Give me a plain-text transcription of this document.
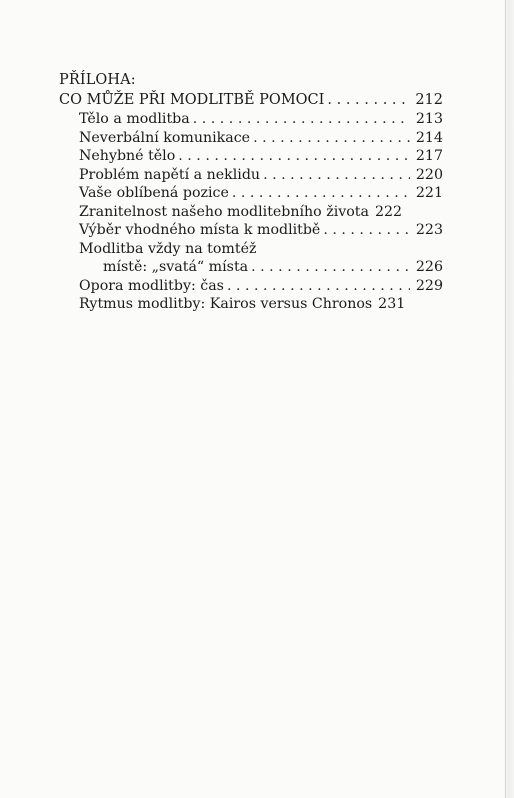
PŘÍLOHA:
CO MŮŽE PŘI MODLITBĚ POMOCI . . .	212
Tělo a modlitba . . .	213
Neverbální komunikace . . .	214
Nehybné tělo . . .	217
Problém napětí a neklidu . . .	220
Vaše oblíbená pozice . . .	221
Zranitelnost našeho modlitebního života 222
Výběr vhodného místa k modlitbě . . .	223
Modlitba vždy na tomtéž
místě: „svatá“ místa . . .	226
Opora modlitby: čas . . .	229
Rytmus modlitby: Kairos versus Chronos 231
